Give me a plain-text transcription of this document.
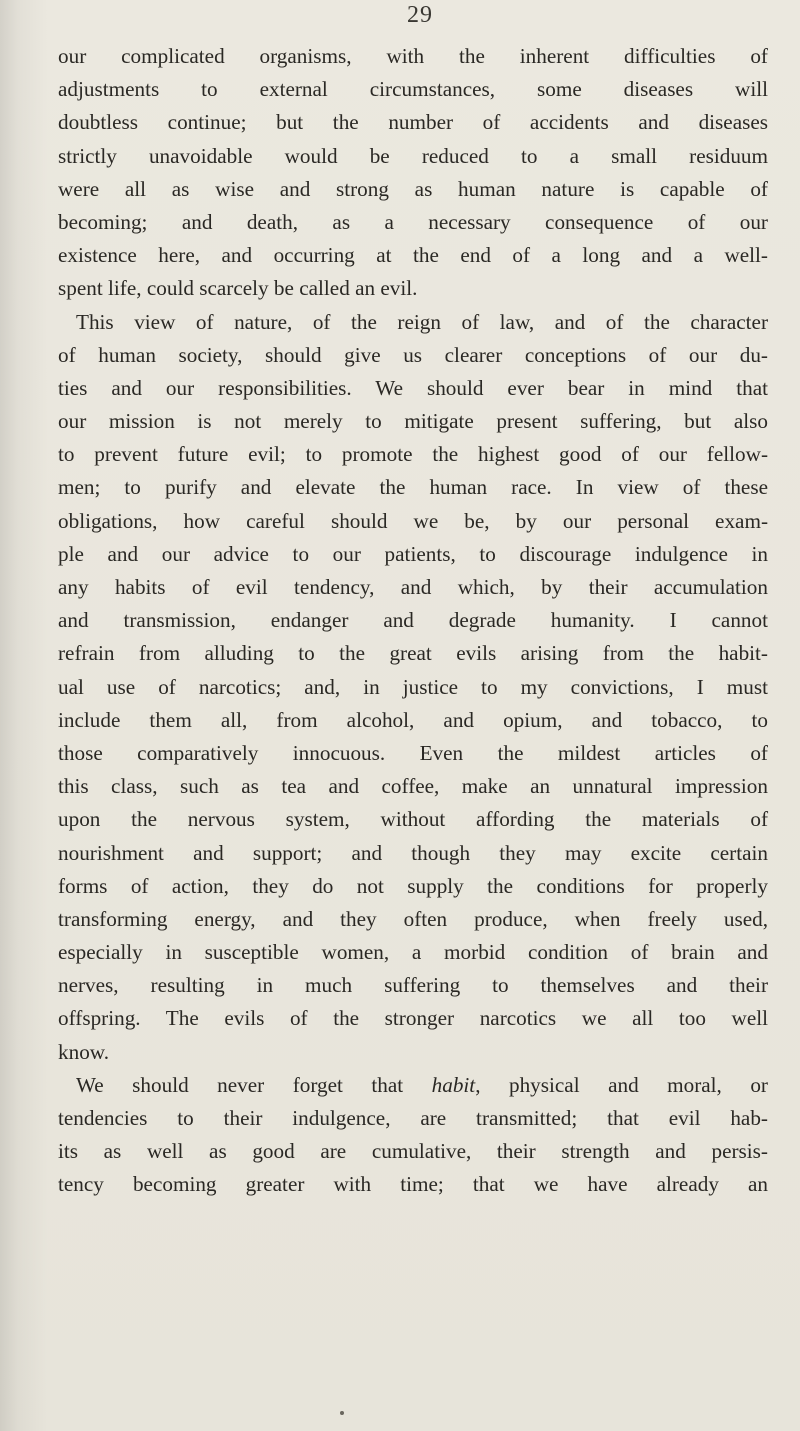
29
our complicated organisms, with the inherent difficulties of
adjustments to external circumstances, some diseases will
doubtless continue; but the number of accidents and diseases
strictly unavoidable would be reduced to a small residuum
were all as wise and strong as human nature is capable of
becoming; and death, as a necessary consequence of our
existence here, and occurring at the end of a long and a well-
spent life, could scarcely be called an evil.
This view of nature, of the reign of law, and of the character
of human society, should give us clearer conceptions of our du-
ties and our responsibilities. We should ever bear in mind that
our mission is not merely to mitigate present suffering, but also
to prevent future evil; to promote the highest good of our fellow-
men; to purify and elevate the human race. In view of these
obligations, how careful should we be, by our personal exam-
ple and our advice to our patients, to discourage indulgence in
any habits of evil tendency, and which, by their accumulation
and transmission, endanger and degrade humanity. I cannot
refrain from alluding to the great evils arising from the habit-
ual use of narcotics; and, in justice to my convictions, I must
include them all, from alcohol, and opium, and tobacco, to
those comparatively innocuous. Even the mildest articles of
this class, such as tea and coffee, make an unnatural impression
upon the nervous system, without affording the materials of
nourishment and support; and though they may excite certain
forms of action, they do not supply the conditions for properly
transforming energy, and they often produce, when freely used,
especially in susceptible women, a morbid condition of brain and
nerves, resulting in much suffering to themselves and their
offspring. The evils of the stronger narcotics we all too well
know.
We should never forget that habit, physical and moral, or
tendencies to their indulgence, are transmitted; that evil hab-
its as well as good are cumulative, their strength and persis-
tency becoming greater with time; that we have already an
